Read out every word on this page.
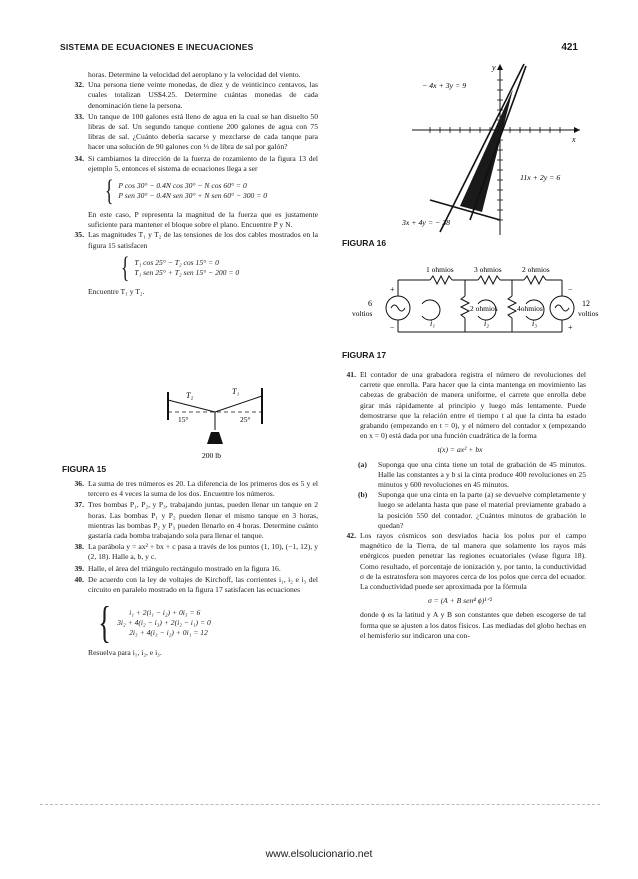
SISTEMA DE ECUACIONES E INECUACIONES	421

horas. Determine la velocidad del aeroplano y la velocidad del viento.

32. Una persona tiene veinte monedas, de diez y de veinticinco centavos, las cuales totalizan US$4.25. Determine cuántas monedas de cada denominación tiene la persona.
33. Un tanque de 100 galones está lleno de agua en la cual se han disuelto 50 libras de sal. Un segundo tanque contiene 200 galones de agua con 75 libras de sal. ¿Cuánto debería sacarse y mezclarse de cada tanque para hacer una solución de 90 galones con ⅓ de libra de sal por galón?
34. Si cambiamos la dirección de la fuerza de rozamiento de la figura 13 del ejemplo 5, entonces el sistema de ecuaciones llega a ser
{ P cos 30° − 0.4N cos 30° − N cos 60° = 0
P sen 30° − 0.4N sen 30° + N sen 60° − 300 = 0

En este caso, P representa la magnitud de la fuerza que es justamente suficiente para mantener el bloque sobre el plano. Encuentre P y N.

35. Las magnitudes T₁ y T₂ de las tensiones de los dos cables mostrados en la figura 15 satisfacen
{ T₁ cos 25° − T₂ cos 15° = 0
T₁ sen 25° + T₂ sen 15° − 200 = 0

Encuentre T₁ y T₂.

T₂	T₁
15°	25°
200 lb
FIGURA 15
36. La suma de tres números es 20. La diferencia de los primeros dos es 5 y el tercero es 4 veces la suma de los dos. Encuentre los números.
37. Tres bombas P₁, P₂, y P₃, trabajando juntas, pueden llenar un tanque en 2 horas. Las bombas P₁ y P₂ pueden llenar el mismo tanque en 3 horas, mientras las bombas P₂ y P₃ pueden llenarlo en 4 horas. Determine cuánto gastaría cada bomba trabajando sola para llenar el tanque.
38. La parábola y = ax² + bx + c pasa a través de los puntos (1, 10), (−1, 12), y (2, 18). Halle a, b, y c.
39. Halle, el área del triángulo rectángulo mostrado en la figura 16.
40. De acuerdo con la ley de voltajes de Kirchoff, las corrientes i₁, i₂ e i₃ del circuito en paralelo mostrado en la figura 17 satisfacen las ecuaciones
{	i₁ + 2(i₁ − i₂) + 0i₃ = 6
3i₂ + 4(i₂ − i₃) + 2(i₂ − i₁) = 0
2i₃ + 4(i₃ − i₂) + 0i₁ = 12

Resuelva para i₁, i₂, e i₃.

y
x
− 4x + 3y = 9
11x + 2y = 6
3x + 4y = − 38
FIGURA 16
1 ohmios	3 ohmios	2 ohmios
2 ohmios	4ohmios
6
voltios
12
voltios
i₁	i₂	i₃
+
−
−
+
FIGURA 17
41. El contador de una grabadora registra el número de revoluciones del carrete que enrolla. Para hacer que la cinta mantenga en movimiento las cabezas de grabación de manera uniforme, el carrete que enrolla debe girar más rápidamente al principio y luego más lentamente. Puede demostrarse que la relación entre el tiempo t al que la cinta ha estado grabando (empezando en t = 0), y el número del contador x (empezando en x = 0) está dada por una función cuadrática de la forma
t(x) = ax² + bx
(a) Suponga que una cinta tiene un total de grabación de 45 minutos. Halle las constantes a y b si la cinta produce 400 revoluciones en 25 minutos y 600 revoluciones en 45 minutos.
(b) Suponga que una cinta en la parte (a) se devuelve completamente y luego se adelanta hasta que pase el material previamente grabado a la posición 550 del contador. ¿Cuántos minutos de grabación le quedan?
42. Los rayos cósmicos son desviados hacia los polos por el campo magnético de la Tierra, de tal manera que solamente los rayos más enérgicos pueden penetrar las regiones ecuatoriales (véase figura 18). Como resultado, el porcentaje de ionización y, por tanto, la conductividad σ de la estratosfera son mayores cerca de los polos que cerca del ecuador. La conductividad puede ser aproximada por la fórmula
σ = (A + B sen⁴ ϕ)¹ᐟ²

donde ϕ es la latitud y A y B son constantes que deben escogerse de tal forma que se ajusten a los datos físicos. Las mediadas del globo hechas en el hemisferio sur indicaron una con-

www.elsolucionario.net
